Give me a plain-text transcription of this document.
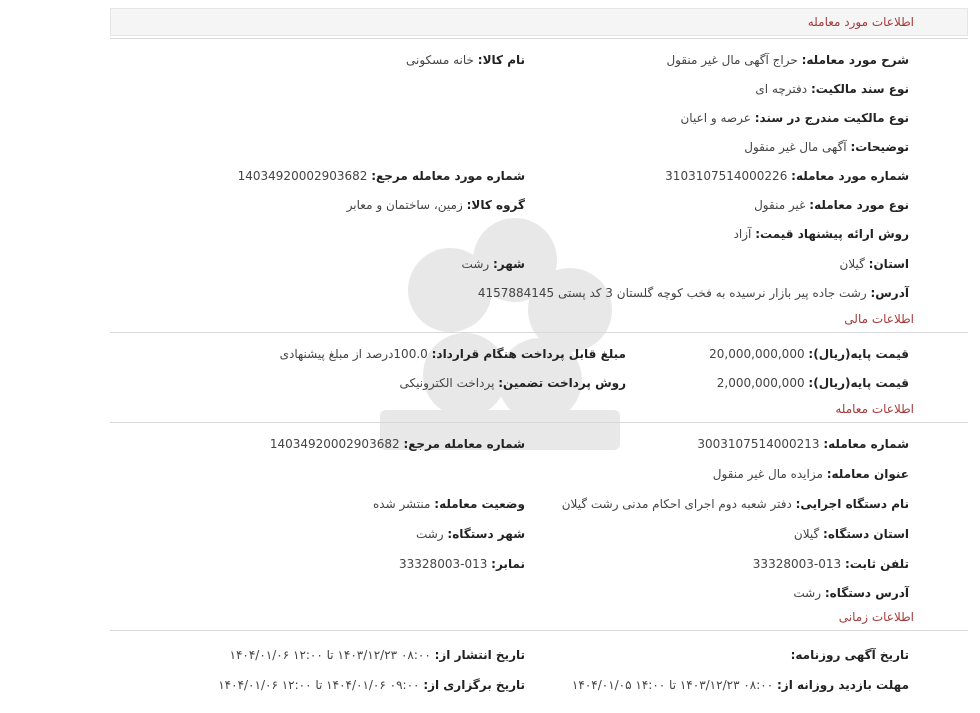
اطلاعات مورد معامله
شرح مورد معامله: حراج آگهی مال غیر منقول
نام کالا: خانه مسکونی
نوع سند مالکیت: دفترچه ای
نوع مالکیت مندرج در سند: عرصه و اعیان
توضیحات: آگهی مال غیر منقول
شماره مورد معامله: 3103107514000226
شماره مورد معامله مرجع: 14034920002903682
نوع مورد معامله: غیر منقول
گروه کالا: زمین، ساختمان و معابر
روش ارائه پیشنهاد قیمت: آزاد
استان: گیلان
شهر: رشت
آدرس: رشت جاده پیر بازار نرسیده به فخب کوچه گلستان 3 کد پستی 4157884145
اطلاعات مالی
قیمت پایه(ریال): 20,000,000,000
مبلغ قابل پرداخت هنگام قرارداد: 100.0درصد از مبلغ پیشنهادی
قیمت پایه(ریال): 2,000,000,000
روش پرداخت تضمین: پرداخت الکترونیکی
اطلاعات معامله
شماره معامله: 3003107514000213
شماره معامله مرجع: 14034920002903682
عنوان معامله: مزایده مال غیر منقول
نام دستگاه اجرایی: دفتر شعبه دوم اجرای احکام مدنی رشت گیلان
وضعیت معامله: منتشر شده
استان دستگاه: گیلان
شهر دستگاه: رشت
تلفن ثابت: 013-33328003
نمابر: 013-33328003
آدرس دستگاه: رشت
اطلاعات زمانی
تاریخ آگهی روزنامه:
تاریخ انتشار از: ۰۸:۰۰ ۱۴۰۳/۱۲/۲۳ تا ۱۲:۰۰ ۱۴۰۴/۰۱/۰۶
مهلت بازدید روزانه از: ۰۸:۰۰ ۱۴۰۳/۱۲/۲۳ تا ۱۴:۰۰ ۱۴۰۴/۰۱/۰۵
تاریخ برگزاری از: ۰۹:۰۰ ۱۴۰۴/۰۱/۰۶ تا ۱۲:۰۰ ۱۴۰۴/۰۱/۰۶
